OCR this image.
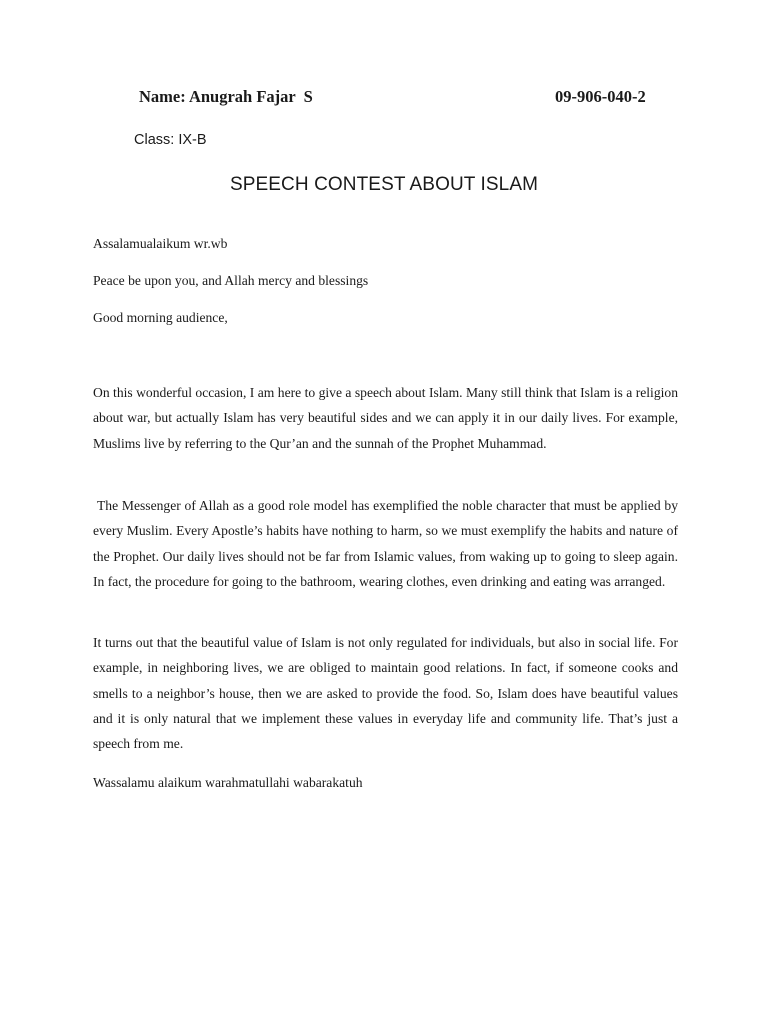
Name: Anugrah Fajar  S	09-906-040-2
Class: IX-B
SPEECH CONTEST ABOUT ISLAM
Assalamualaikum wr.wb
Peace be upon you, and Allah mercy and blessings
Good morning audience,

On this wonderful occasion, I am here to give a speech about Islam. Many still think that Islam is a religion about war, but actually Islam has very beautiful sides and we can apply it in our daily lives. For example, Muslims live by referring to the Qur’an and the sunnah of the Prophet Muhammad.

The Messenger of Allah as a good role model has exemplified the noble character that must be applied by every Muslim. Every Apostle’s habits have nothing to harm, so we must exemplify the habits and nature of the Prophet. Our daily lives should not be far from Islamic values, from waking up to going to sleep again. In fact, the procedure for going to the bathroom, wearing clothes, even drinking and eating was arranged.

It turns out that the beautiful value of Islam is not only regulated for individuals, but also in social life. For example, in neighboring lives, we are obliged to maintain good relations. In fact, if someone cooks and smells to a neighbor’s house, then we are asked to provide the food. So, Islam does have beautiful values and it is only natural that we implement these values in everyday life and community life. That’s just a speech from me.

Wassalamu alaikum warahmatullahi wabarakatuh
